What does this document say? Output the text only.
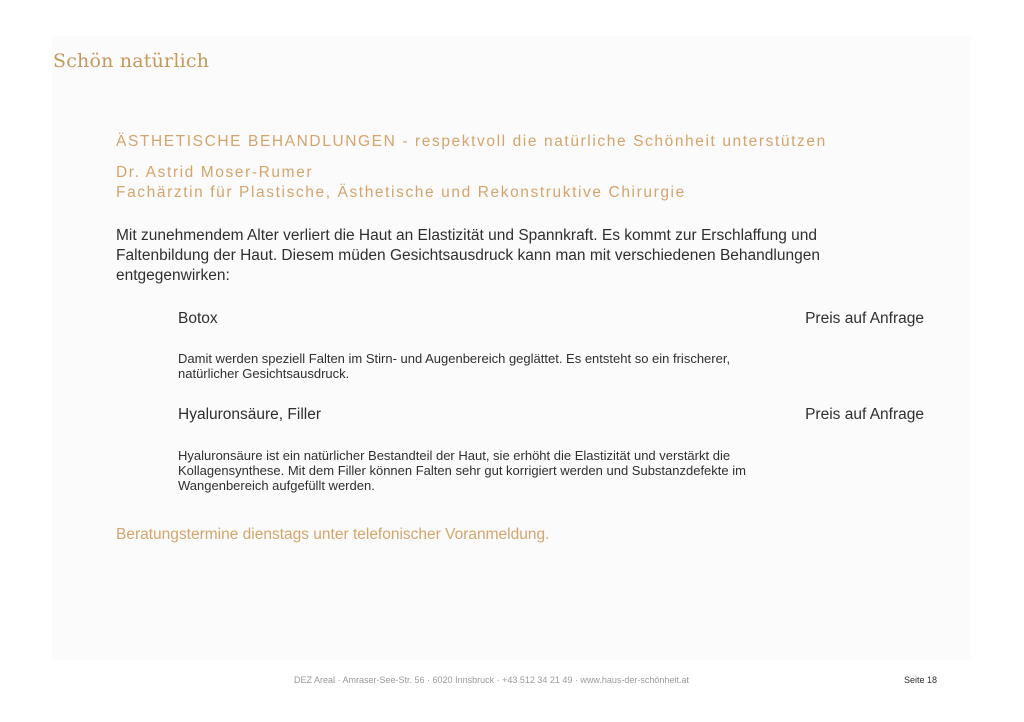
Schön natürlich
ÄSTHETISCHE BEHANDLUNGEN - respektvoll die natürliche Schönheit unterstützen
Dr. Astrid Moser-Rumer
Fachärztin für Plastische, Ästhetische und Rekonstruktive Chirurgie
Mit zunehmendem Alter verliert die Haut an Elastizität und Spannkraft. Es kommt zur Erschlaffung und Faltenbildung der Haut. Diesem müden Gesichtsausdruck kann man mit verschiedenen Behandlungen entgegenwirken:
Botox	Preis auf Anfrage
Damit werden speziell Falten im Stirn- und Augenbereich geglättet. Es entsteht so ein frischerer, natürlicher Gesichtsausdruck.
Hyaluronsäure, Filler	Preis auf Anfrage
Hyaluronsäure ist ein natürlicher Bestandteil der Haut, sie erhöht die Elastizität und verstärkt die Kollagensynthese. Mit dem Filler können Falten sehr gut korrigiert werden und Substanzdefekte im Wangenbereich aufgefüllt werden.
Beratungstermine dienstags unter telefonischer Voranmeldung.
DEZ Areal · Amraser-See-Str. 56 · 6020 Innsbruck · +43 512 34 21 49 · www.haus-der-schönheit.at	Seite 18
